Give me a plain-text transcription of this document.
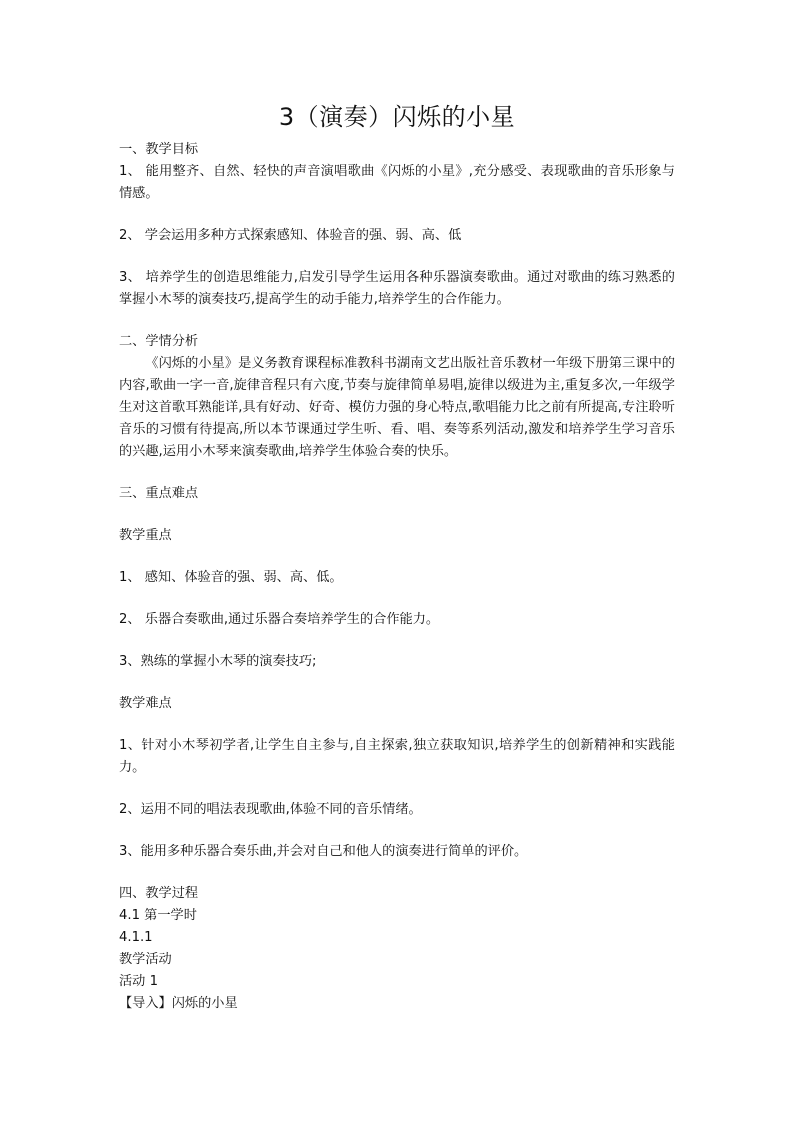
3（演奏）闪烁的小星

一、教学目标

1、 能用整齐、自然、轻快的声音演唱歌曲《闪烁的小星》,充分感受、表现歌曲的音乐形象与情感。

2、 学会运用多种方式探索感知、体验音的强、弱、高、低

3、 培养学生的创造思维能力,启发引导学生运用各种乐器演奏歌曲。通过对歌曲的练习熟悉的掌握小木琴的演奏技巧,提高学生的动手能力,培养学生的合作能力。

二、学情分析

《闪烁的小星》是义务教育课程标准教科书湖南文艺出版社音乐教材一年级下册第三课中的内容,歌曲一字一音,旋律音程只有六度,节奏与旋律简单易唱,旋律以级进为主,重复多次,一年级学生对这首歌耳熟能详,具有好动、好奇、模仿力强的身心特点,歌唱能力比之前有所提高,专注聆听音乐的习惯有待提高,所以本节课通过学生听、看、唱、奏等系列活动,激发和培养学生学习音乐的兴趣,运用小木琴来演奏歌曲,培养学生体验合奏的快乐。

三、重点难点

教学重点

1、 感知、体验音的强、弱、高、低。

2、 乐器合奏歌曲,通过乐器合奏培养学生的合作能力。

3、熟练的掌握小木琴的演奏技巧;

教学难点

1、针对小木琴初学者,让学生自主参与,自主探索,独立获取知识,培养学生的创新精神和实践能力。

2、运用不同的唱法表现歌曲,体验不同的音乐情绪。

3、能用多种乐器合奏乐曲,并会对自己和他人的演奏进行简单的评价。

四、教学过程

4.1 第一学时

4.1.1

教学活动

活动 1

【导入】闪烁的小星
